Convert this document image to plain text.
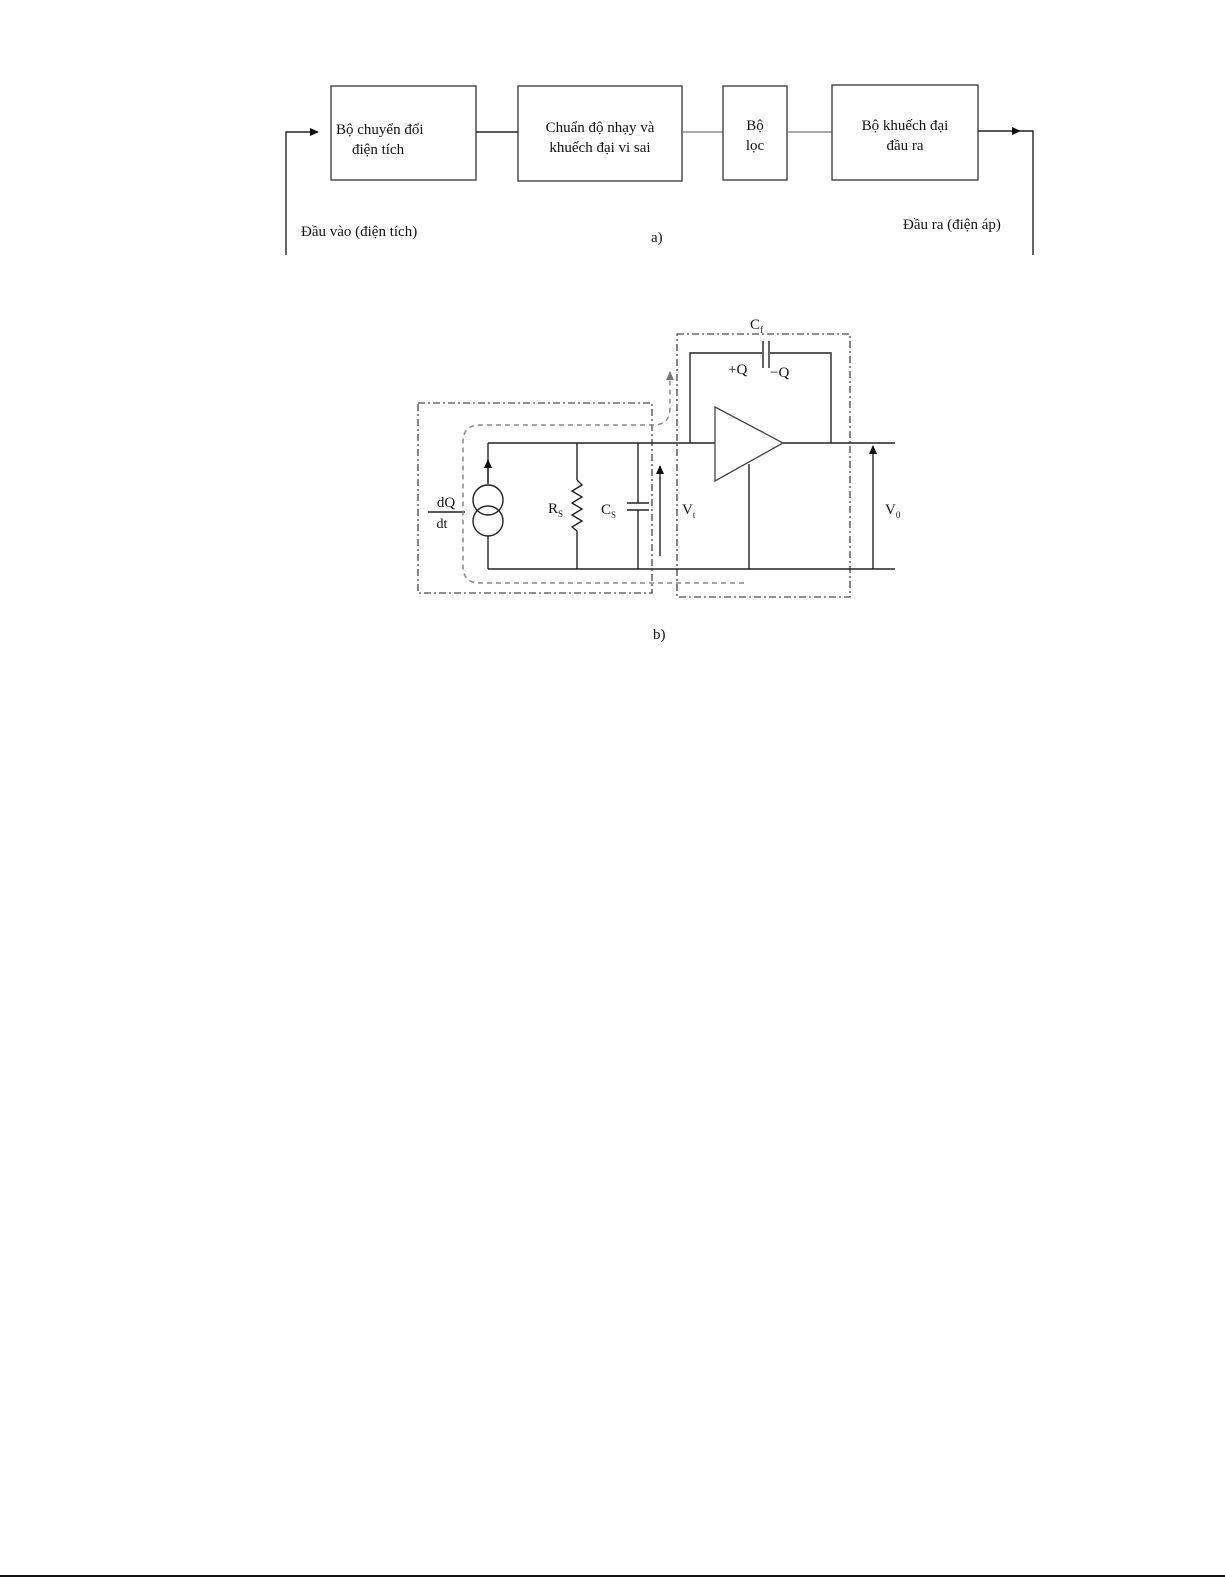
Bộ chuyển đổi
điện tích
Chuẩn độ nhạy và
khuếch đại vi sai
Bộ
lọc
Bộ khuếch đại
đầu ra
Đầu vào (điện tích)	Đầu ra (điện áp)
a)
dQ
dt
$R_S$	$C_S$	$V_t$
$C_f$
+Q −Q
$V_0$
b)
